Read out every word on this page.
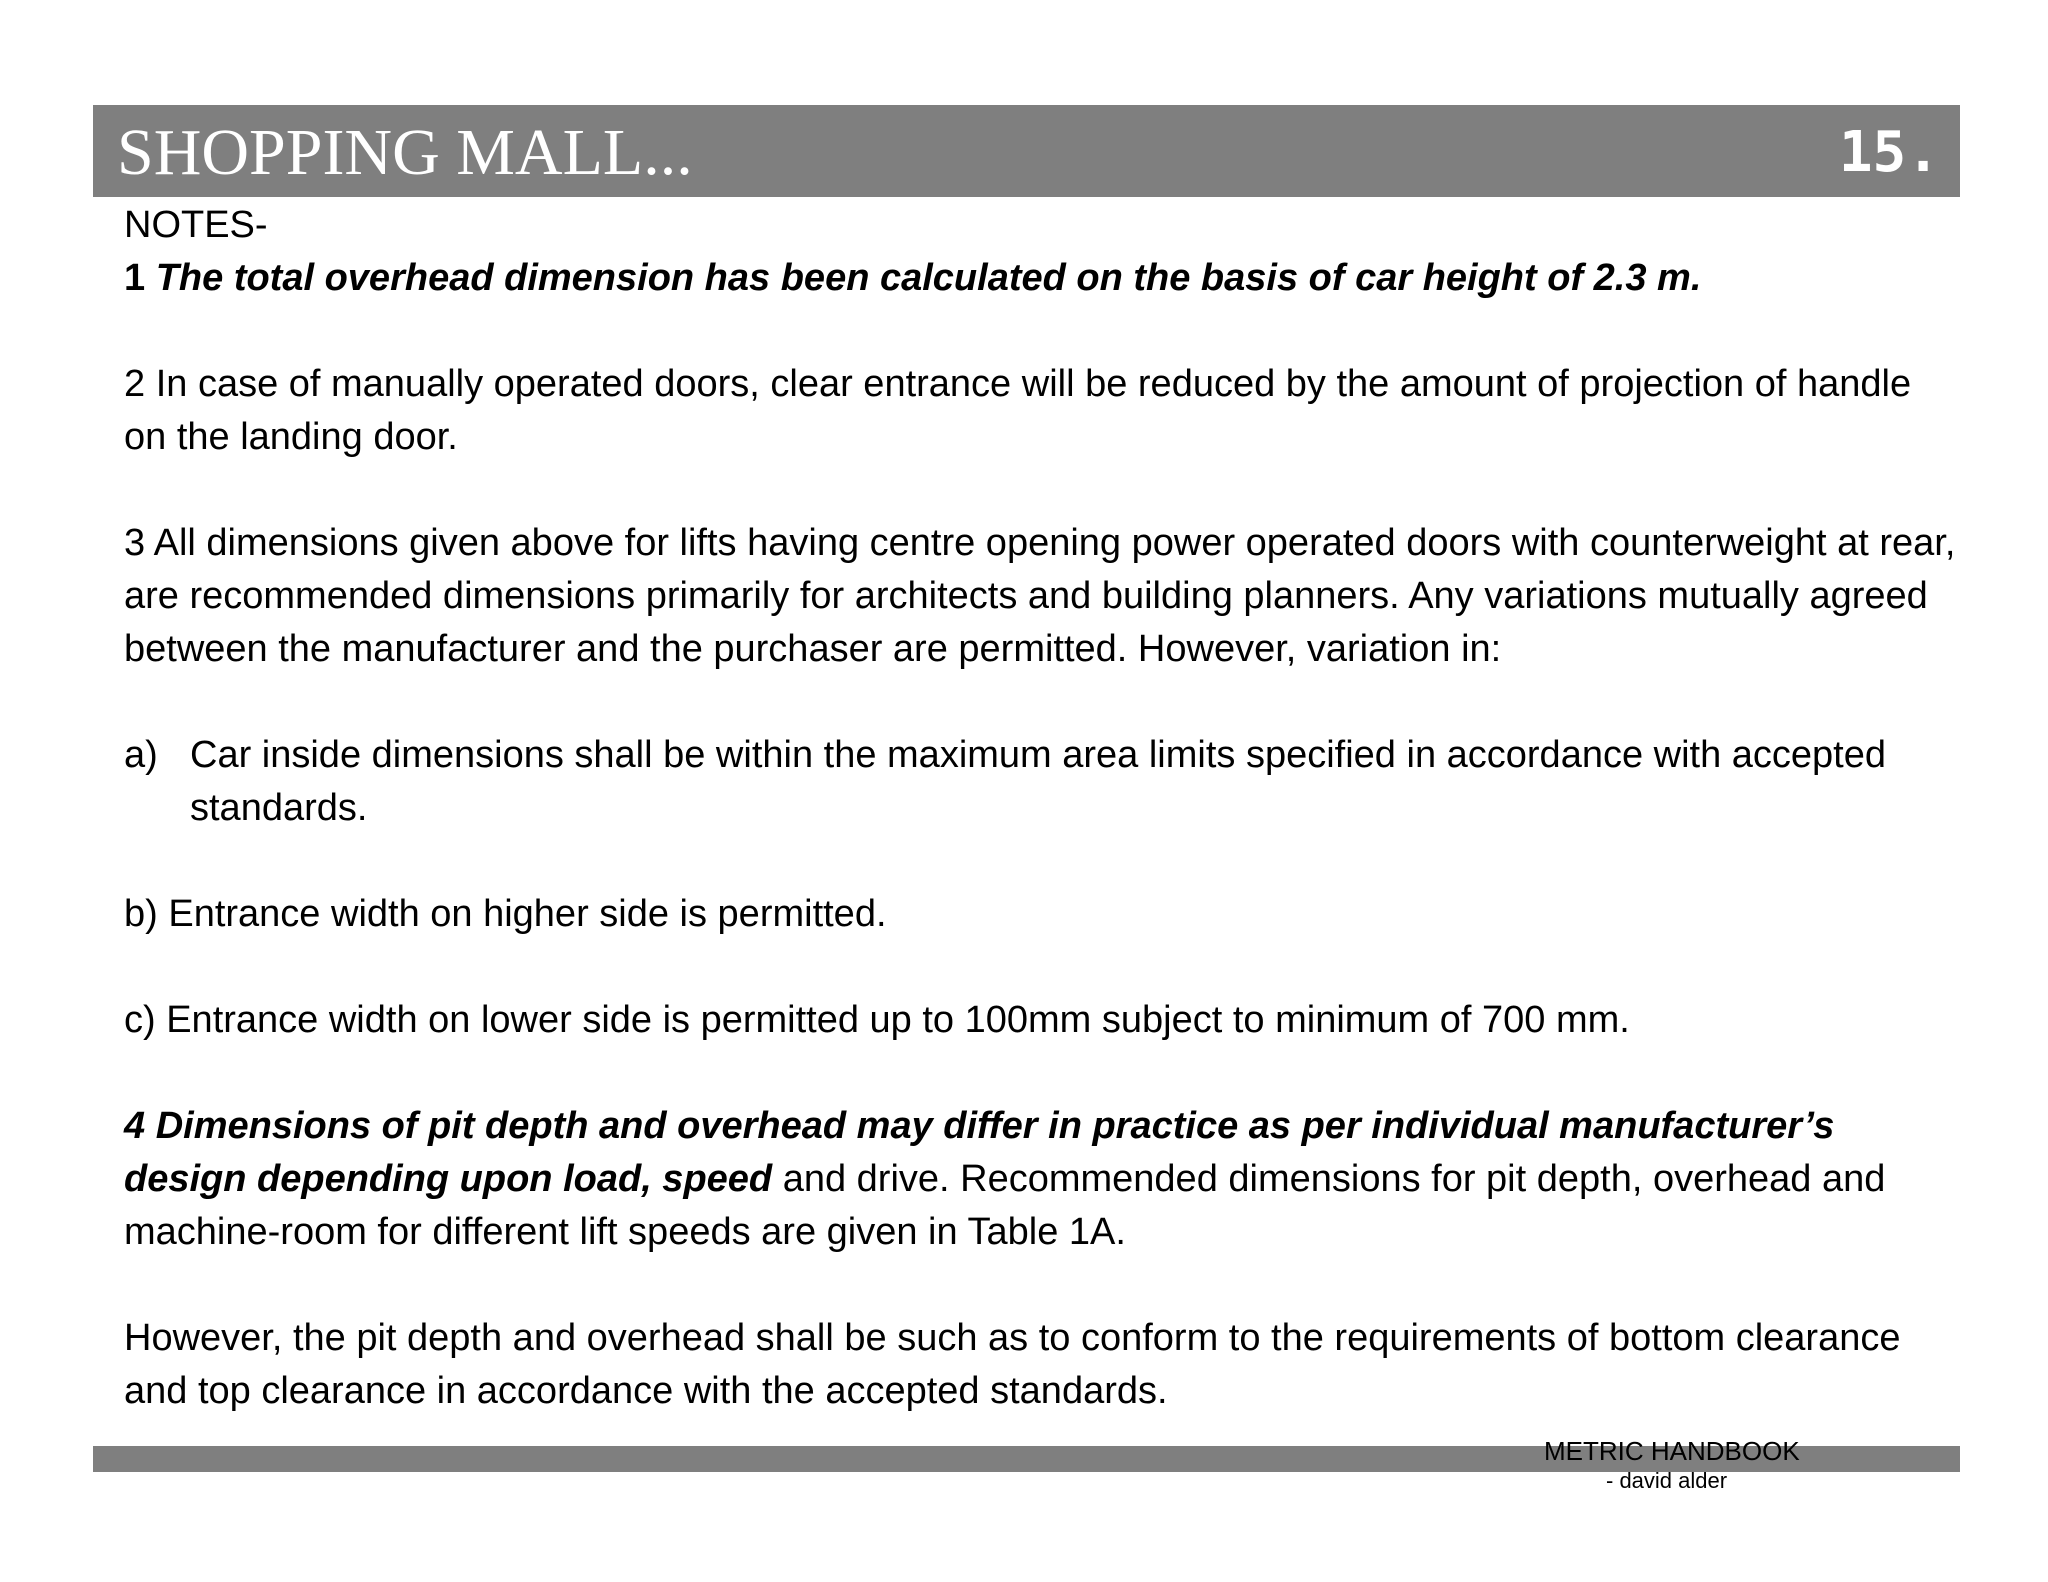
SHOPPING MALL...	15.

NOTES-

1 The total overhead dimension has been calculated on the basis of car height of 2.3 m.

2 In case of manually operated doors, clear entrance will be reduced by the amount of projection of handle on the landing door.

3 All dimensions given above for lifts having centre opening power operated doors with counterweight at rear, are recommended dimensions primarily for architects and building planners. Any variations mutually agreed between the manufacturer and the purchaser are permitted. However, variation in:

a) Car inside dimensions shall be within the maximum area limits specified in accordance with accepted standards.

b) Entrance width on higher side is permitted.

c) Entrance width on lower side is permitted up to 100mm subject to minimum of 700 mm.

4 Dimensions of pit depth and overhead may differ in practice as per individual manufacturer’s design depending upon load, speed and drive. Recommended dimensions for pit depth, overhead and machine-room for different lift speeds are given in Table 1A.

However, the pit depth and overhead shall be such as to conform to the requirements of bottom clearance and top clearance in accordance with the accepted standards.

METRIC HANDBOOK
- david alder
